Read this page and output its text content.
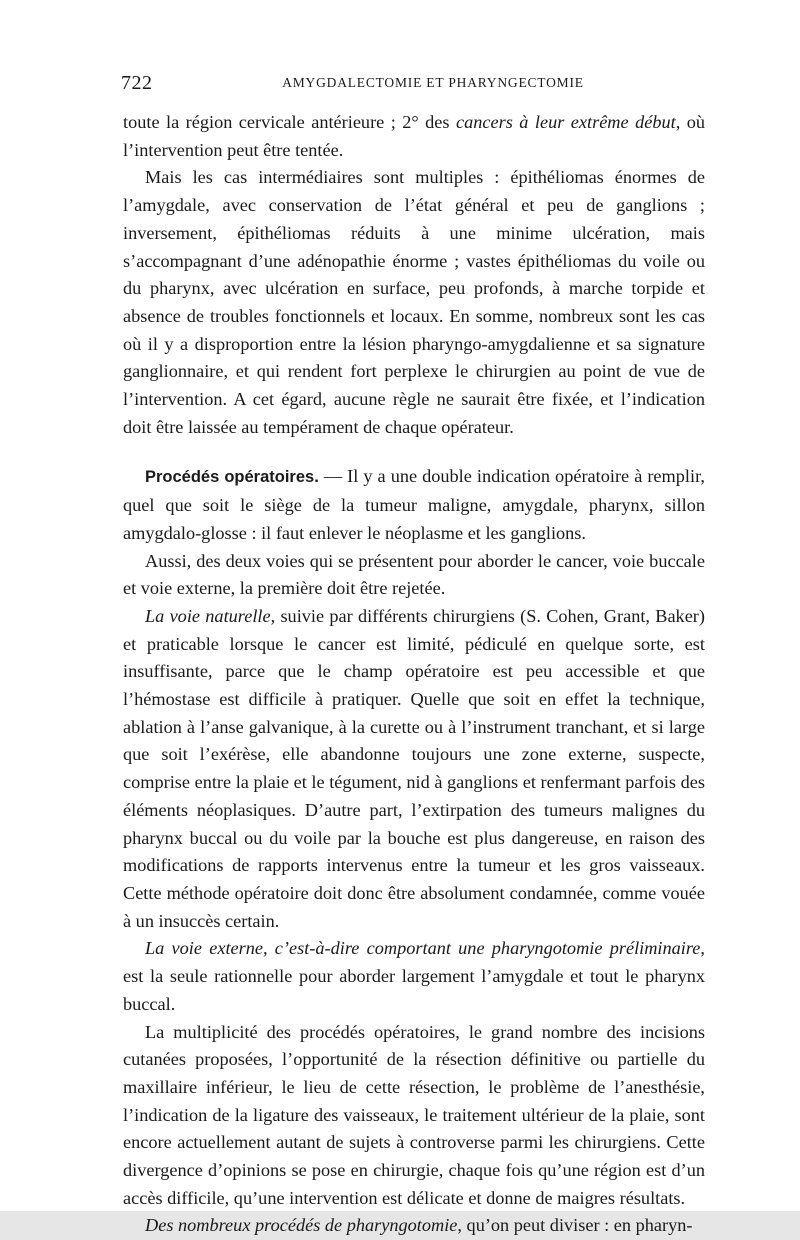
722	AMYGDALECTOMIE ET PHARYNGECTOMIE

toute la région cervicale antérieure ; 2° des cancers à leur extrême début, où l’intervention peut être tentée.

Mais les cas intermédiaires sont multiples : épithéliomas énormes de l’amygdale, avec conservation de l’état général et peu de ganglions ; inversement, épithéliomas réduits à une minime ulcération, mais s’accompagnant d’une adénopathie énorme ; vastes épithéliomas du voile ou du pharynx, avec ulcération en surface, peu profonds, à marche torpide et absence de troubles fonctionnels et locaux. En somme, nombreux sont les cas où il y a disproportion entre la lésion pharyngo-amygdalienne et sa signature ganglionnaire, et qui rendent fort perplexe le chirurgien au point de vue de l’intervention. A cet égard, aucune règle ne saurait être fixée, et l’indication doit être laissée au tempérament de chaque opérateur.

Procédés opératoires. — Il y a une double indication opératoire à remplir, quel que soit le siège de la tumeur maligne, amygdale, pharynx, sillon amygdalo-glosse : il faut enlever le néoplasme et les ganglions.

Aussi, des deux voies qui se présentent pour aborder le cancer, voie buccale et voie externe, la première doit être rejetée.

La voie naturelle, suivie par différents chirurgiens (S. Cohen, Grant, Baker) et praticable lorsque le cancer est limité, pédiculé en quelque sorte, est insuffisante, parce que le champ opératoire est peu accessible et que l’hémostase est difficile à pratiquer. Quelle que soit en effet la technique, ablation à l’anse galvanique, à la curette ou à l’instrument tranchant, et si large que soit l’exérèse, elle abandonne toujours une zone externe, suspecte, comprise entre la plaie et le tégument, nid à ganglions et renfermant parfois des éléments néoplasiques. D’autre part, l’extirpation des tumeurs malignes du pharynx buccal ou du voile par la bouche est plus dangereuse, en raison des modifications de rapports intervenus entre la tumeur et les gros vaisseaux. Cette méthode opératoire doit donc être absolument condamnée, comme vouée à un insuccès certain.

La voie externe, c’est-à-dire comportant une pharyngotomie préliminaire, est la seule rationnelle pour aborder largement l’amygdale et tout le pharynx buccal.

La multiplicité des procédés opératoires, le grand nombre des incisions cutanées proposées, l’opportunité de la résection définitive ou partielle du maxillaire inférieur, le lieu de cette résection, le problème de l’anesthésie, l’indication de la ligature des vaisseaux, le traitement ultérieur de la plaie, sont encore actuellement autant de sujets à controverse parmi les chirurgiens. Cette divergence d’opinions se pose en chirurgie, chaque fois qu’une région est d’un accès difficile, qu’une intervention est délicate et donne de maigres résultats.

Des nombreux procédés de pharyngotomie, qu’on peut diviser : en pharyn-
